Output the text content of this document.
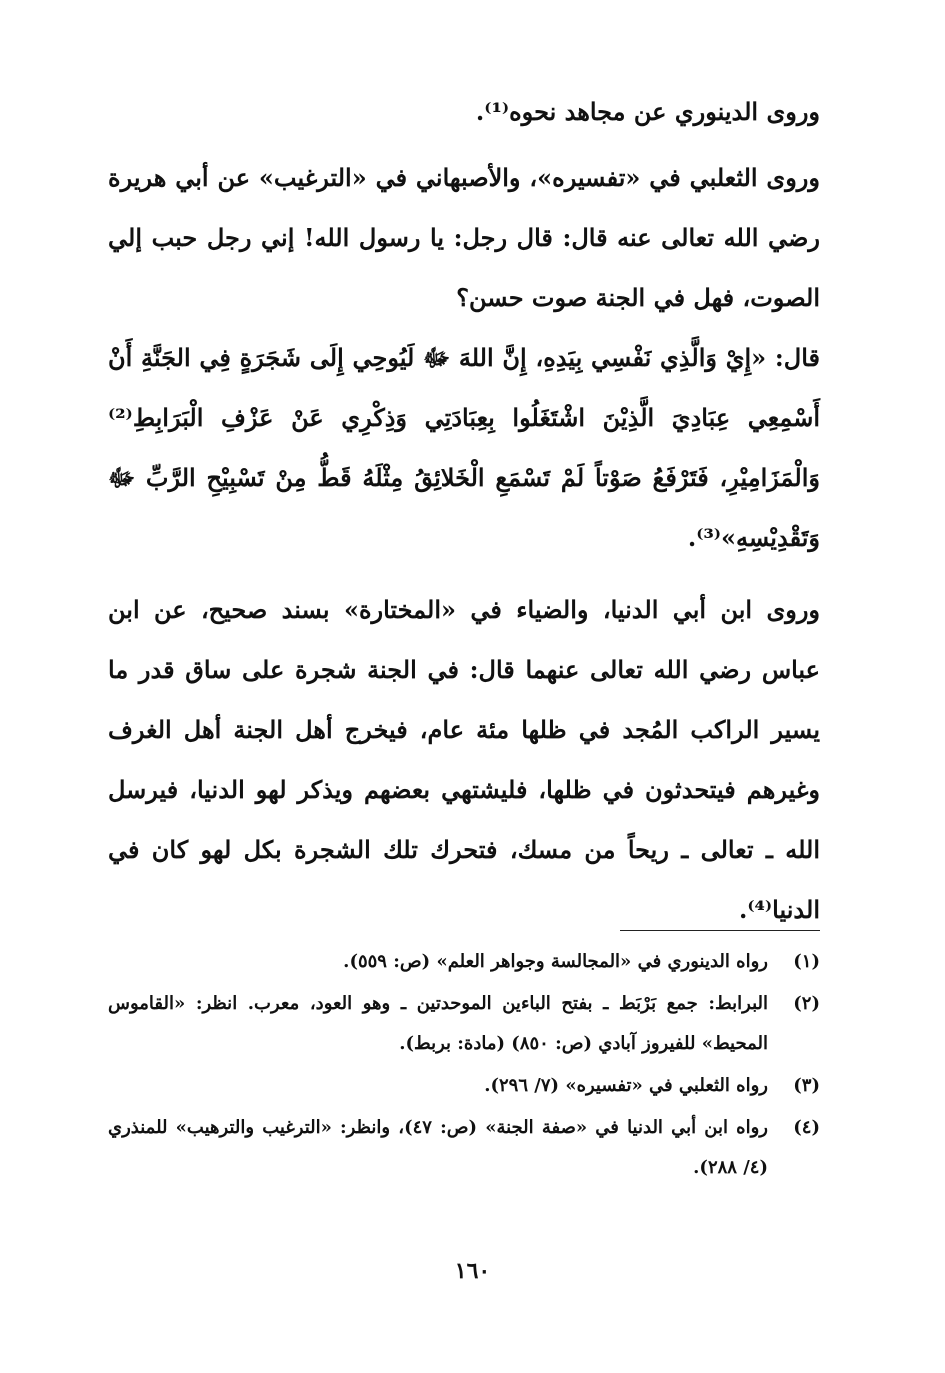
وروى الدينوري عن مجاهد نحوه⁽¹⁾.

وروى الثعلبي في «تفسيره»، والأصبهاني في «الترغيب» عن أبي هريرة رضي الله تعالى عنه قال: قال رجل: يا رسول الله! إني رجل حبب إلي الصوت، فهل في الجنة صوت حسن؟

قال: «إِيْ وَالَّذِي نَفْسِي بِيَدِهِ، إِنَّ اللهَ ﷻ لَيُوحِي إِلَى شَجَرَةٍ فِي الجَنَّةِ أَنْ أَسْمِعِي عِبَادِيَ الَّذِيْنَ اشْتَغَلُوا بِعِبَادَتِي وَذِكْرِي عَنْ عَزْفِ الْبَرَابِطِ⁽²⁾ وَالْمَزَامِيْرِ، فَتَرْفَعُ صَوْتاً لَمْ تَسْمَعِ الْخَلائِقُ مِثْلَهُ قَطُّ مِنْ تَسْبِيْحِ الرَّبِّ ﷻ وَتَقْدِيْسِهِ»⁽³⁾.

وروى ابن أبي الدنيا، والضياء في «المختارة» بسند صحيح، عن ابن عباس رضي الله تعالى عنهما قال: في الجنة شجرة على ساق قدر ما يسير الراكب المُجد في ظلها مئة عام، فيخرج أهل الجنة أهل الغرف وغيرهم فيتحدثون في ظلها، فليشتهي بعضهم ويذكر لهو الدنيا، فيرسل الله ـ تعالى ـ ريحاً من مسك، فتحرك تلك الشجرة بكل لهو كان في الدنيا⁽⁴⁾.

(١)
رواه الدينوري في «المجالسة وجواهر العلم» (ص: ٥٥٩).
(٢)
البرابط: جمع بَرْبَط ـ بفتح الباءين الموحدتين ـ وهو العود، معرب. انظر: «القاموس المحيط» للفيروز آبادي (ص: ٨٥٠) (مادة: بربط).
(٣)
رواه الثعلبي في «تفسيره» (٧/ ٢٩٦).
(٤)
رواه ابن أبي الدنيا في «صفة الجنة» (ص: ٤٧)، وانظر: «الترغيب والترهيب» للمنذري (٤/ ٢٨٨).
١٦٠
